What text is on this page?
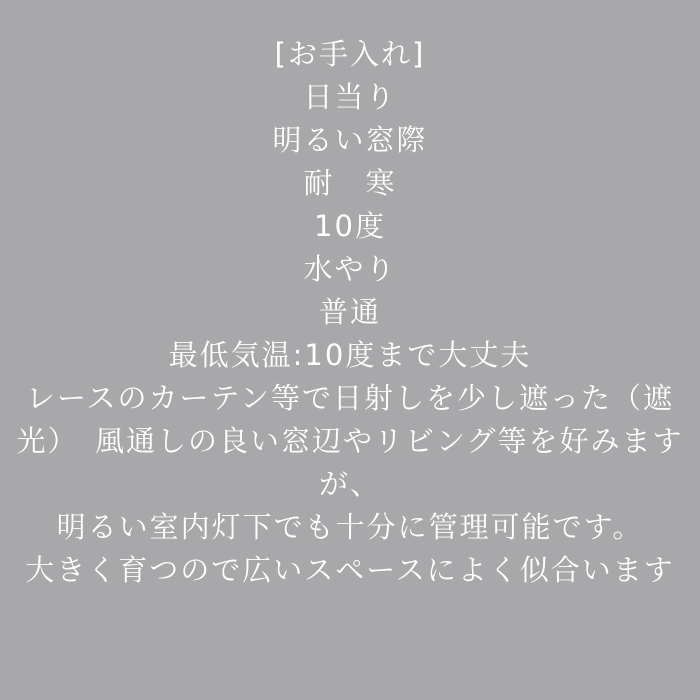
[お手入れ]
日当り
明るい窓際
耐　寒
10度
水やり
普通
最低気温:10度まで大丈夫
レースのカーテン等で日射しを少し遮った（遮
光）　風通しの良い窓辺やリビング等を好みます
が、
明るい室内灯下でも十分に管理可能です。
大きく育つので広いスペースによく似合います
